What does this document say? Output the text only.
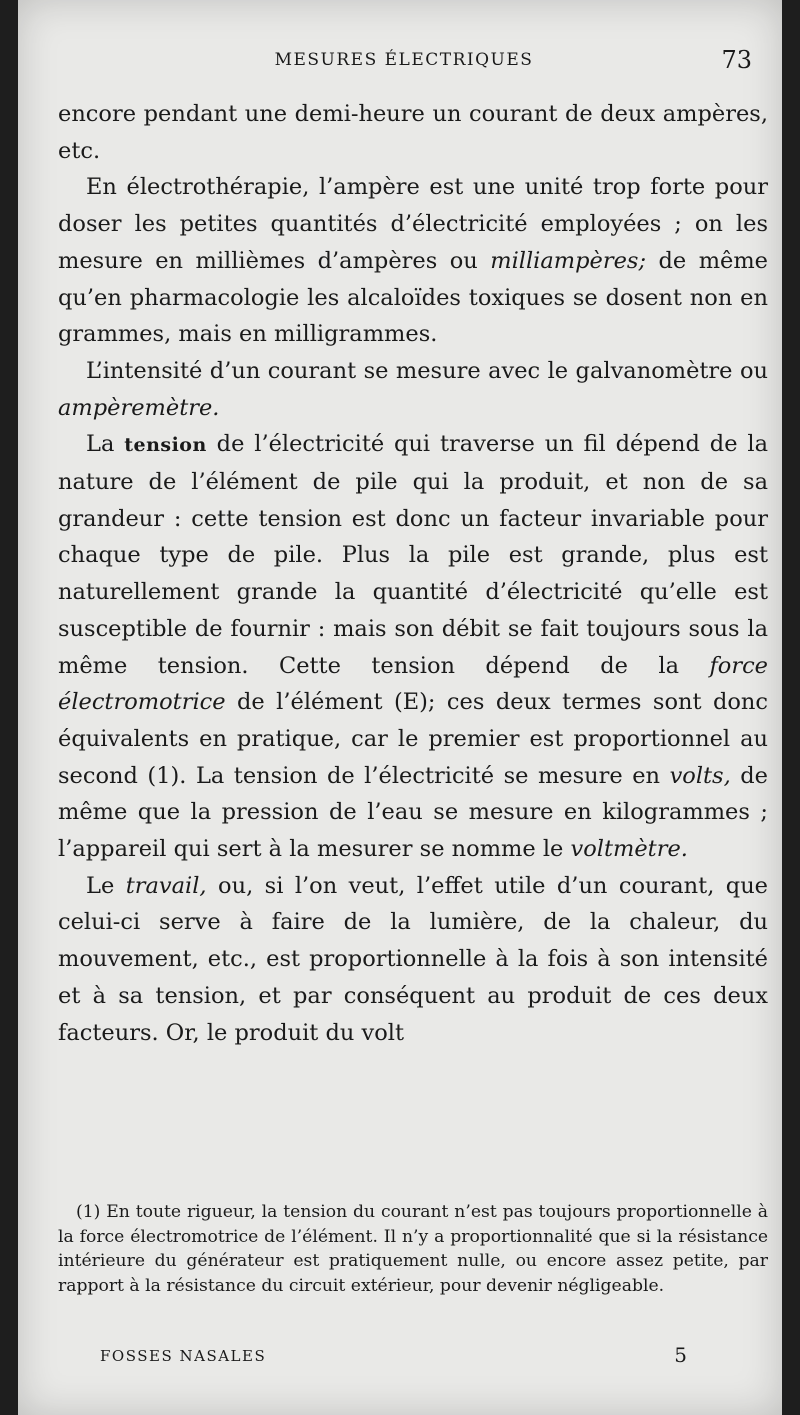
MESURES ÉLECTRIQUES	73

encore pendant une demi-heure un courant de deux ampères, etc.

En électrothérapie, l’ampère est une unité trop forte pour doser les petites quantités d’électricité employées ; on les mesure en millièmes d’ampères ou milliampères; de même qu’en pharmacologie les alcaloïdes toxiques se dosent non en grammes, mais en milligrammes.

L’intensité d’un courant se mesure avec le galvanomètre ou ampèremètre.

La tension de l’électricité qui traverse un fil dépend de la nature de l’élément de pile qui la produit, et non de sa grandeur : cette tension est donc un facteur invariable pour chaque type de pile. Plus la pile est grande, plus est naturellement grande la quantité d’électricité qu’elle est susceptible de fournir : mais son débit se fait toujours sous la même tension. Cette tension dépend de la force électromotrice de l’élément (E); ces deux termes sont donc équivalents en pratique, car le premier est proportionnel au second (1). La tension de l’électricité se mesure en volts, de même que la pression de l’eau se mesure en kilogrammes ; l’appareil qui sert à la mesurer se nomme le voltmètre.

Le travail, ou, si l’on veut, l’effet utile d’un courant, que celui-ci serve à faire de la lumière, de la chaleur, du mouvement, etc., est proportionnelle à la fois à son intensité et à sa tension, et par conséquent au produit de ces deux facteurs. Or, le produit du volt

(1) En toute rigueur, la tension du courant n’est pas toujours proportionnelle à la force électromotrice de l’élément. Il n’y a proportionnalité que si la résistance intérieure du générateur est pratiquement nulle, ou encore assez petite, par rapport à la résistance du circuit extérieur, pour devenir négligeable.

FOSSES NASALES	5
